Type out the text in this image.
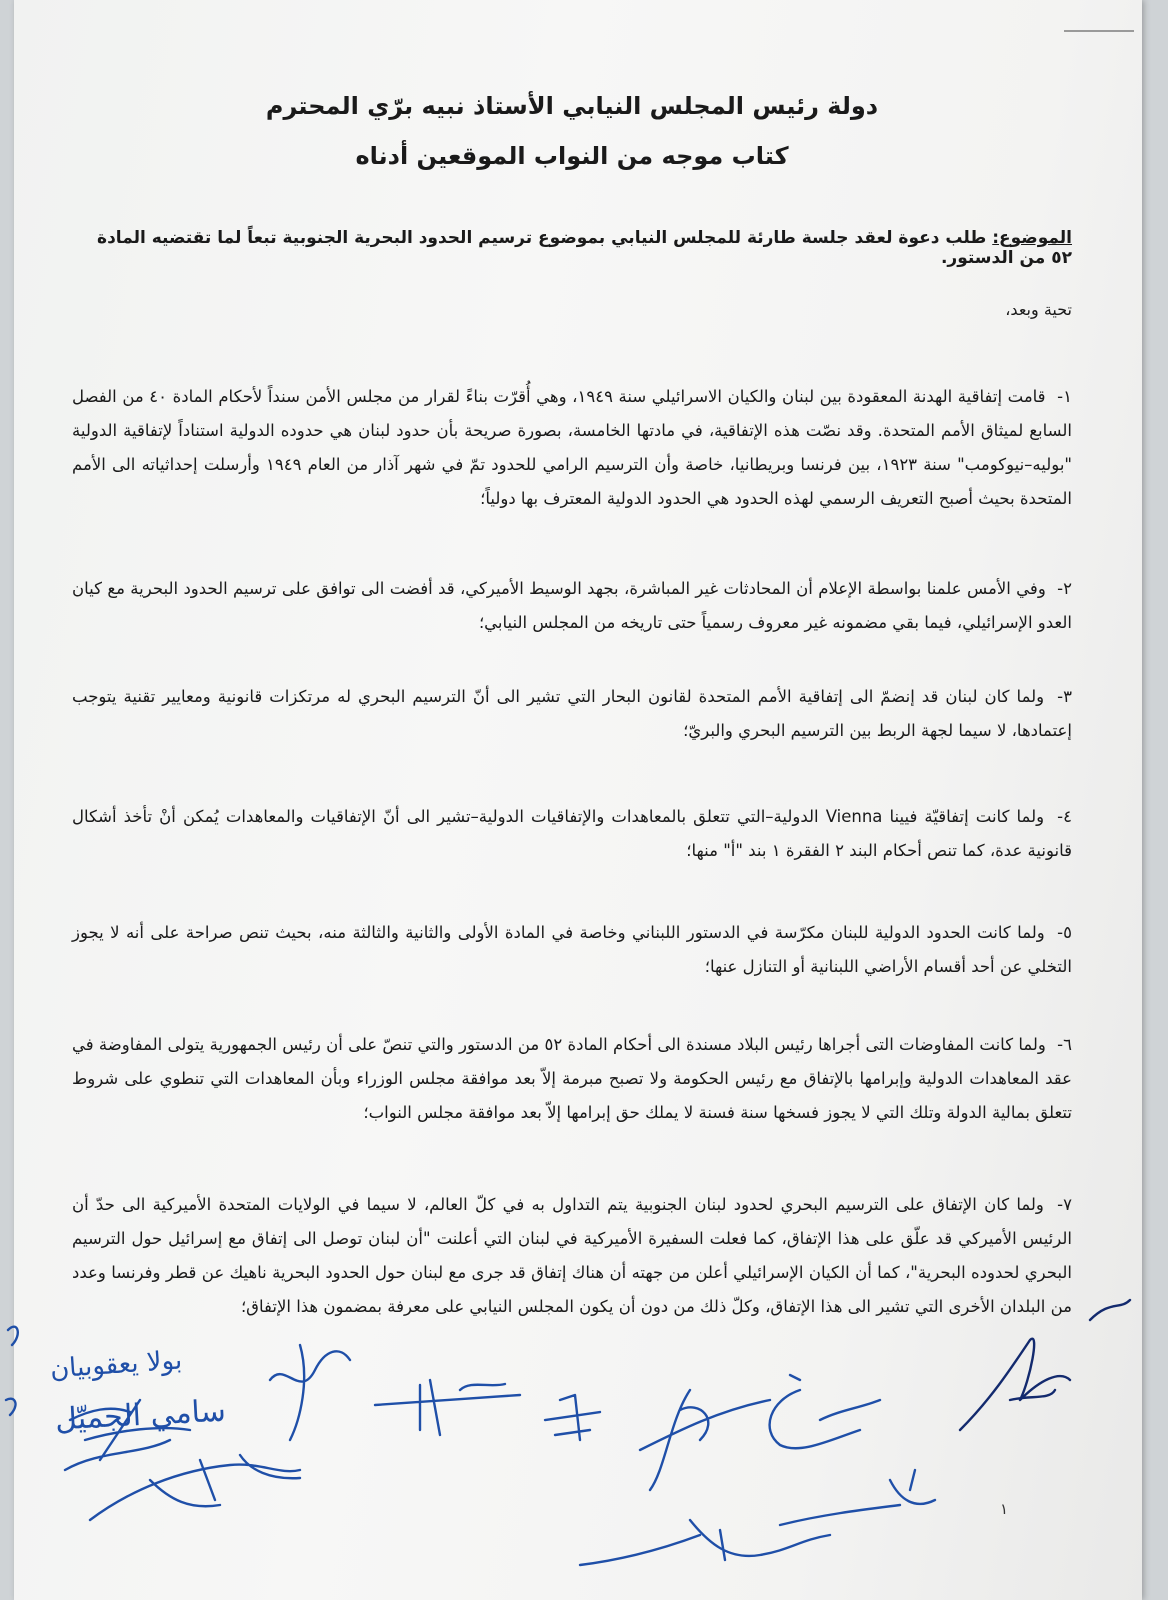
دولة رئيس المجلس النيابي الأستاذ نبيه برّي المحترم
كتاب موجه من النواب الموقعين أدناه
الموضوع: طلب دعوة لعقد جلسة طارئة للمجلس النيابي بموضوع ترسيم الحدود البحرية الجنوبية تبعاً لما تقتضيه المادة ٥٢ من الدستور.
تحية وبعد،
١- قامت إتفاقية الهدنة المعقودة بين لبنان والكيان الاسرائيلي سنة ١٩٤٩، وهي أُقرّت بناءً لقرار من مجلس الأمن سنداً لأحكام المادة ٤٠ من الفصل السابع لميثاق الأمم المتحدة. وقد نصّت هذه الإتفاقية، في مادتها الخامسة، بصورة صريحة بأن حدود لبنان هي حدوده الدولية استناداً لإتفاقية الدولية "بوليه–نيوكومب" سنة ١٩٢٣، بين فرنسا وبريطانيا، خاصة وأن الترسيم الرامي للحدود تمّ في شهر آذار من العام ١٩٤٩ وأرسلت إحداثياته الى الأمم المتحدة بحيث أصبح التعريف الرسمي لهذه الحدود هي الحدود الدولية المعترف بها دولياً؛
٢- وفي الأمس علمنا بواسطة الإعلام أن المحادثات غير المباشرة، بجهد الوسيط الأميركي، قد أفضت الى توافق على ترسيم الحدود البحرية مع كيان العدو الإسرائيلي، فيما بقي مضمونه غير معروف رسمياً حتى تاريخه من المجلس النيابي؛
٣- ولما كان لبنان قد إنضمّ الى إتفاقية الأمم المتحدة لقانون البحار التي تشير الى أنّ الترسيم البحري له مرتكزات قانونية ومعايير تقنية يتوجب إعتمادها، لا سيما لجهة الربط بين الترسيم البحري والبريّ؛
٤- ولما كانت إتفاقيّة فيينا Vienna الدولية–التي تتعلق بالمعاهدات والإتفاقيات الدولية–تشير الى أنّ الإتفاقيات والمعاهدات يُمكن أنْ تأخذ أشكال قانونية عدة، كما تنص أحكام البند ٢ الفقرة ١ بند "أ" منها؛
٥- ولما كانت الحدود الدولية للبنان مكرّسة في الدستور اللبناني وخاصة في المادة الأولى والثانية والثالثة منه، بحيث تنص صراحة على أنه لا يجوز التخلي عن أحد أقسام الأراضي اللبنانية أو التنازل عنها؛
٦- ولما كانت المفاوضات التى أجراها رئيس البلاد مسندة الى أحكام المادة ٥٢ من الدستور والتي تنصّ على أن رئيس الجمهورية يتولى المفاوضة في عقد المعاهدات الدولية وإبرامها بالإتفاق مع رئيس الحكومة ولا تصبح مبرمة إلاّ بعد موافقة مجلس الوزراء وبأن المعاهدات التي تنطوي على شروط تتعلق بمالية الدولة وتلك التي لا يجوز فسخها سنة فسنة لا يملك حق إبرامها إلاّ بعد موافقة مجلس النواب؛
٧- ولما كان الإتفاق على الترسيم البحري لحدود لبنان الجنوبية يتم التداول به في كلّ العالم، لا سيما في الولايات المتحدة الأميركية الى حدّ أن الرئيس الأميركي قد علّق على هذا الإتفاق، كما فعلت السفيرة الأميركية في لبنان التي أعلنت "أن لبنان توصل الى إتفاق مع إسرائيل حول الترسيم البحري لحدوده البحرية"، كما أن الكيان الإسرائيلي أعلن من جهته أن هناك إتفاق قد جرى مع لبنان حول الحدود البحرية ناهيك عن قطر وفرنسا وعدد من البلدان الأخرى التي تشير الى هذا الإتفاق، وكلّ ذلك من دون أن يكون المجلس النيابي على معرفة بمضمون هذا الإتفاق؛
بولا يعقوبيان
سامي الجميّل
١
